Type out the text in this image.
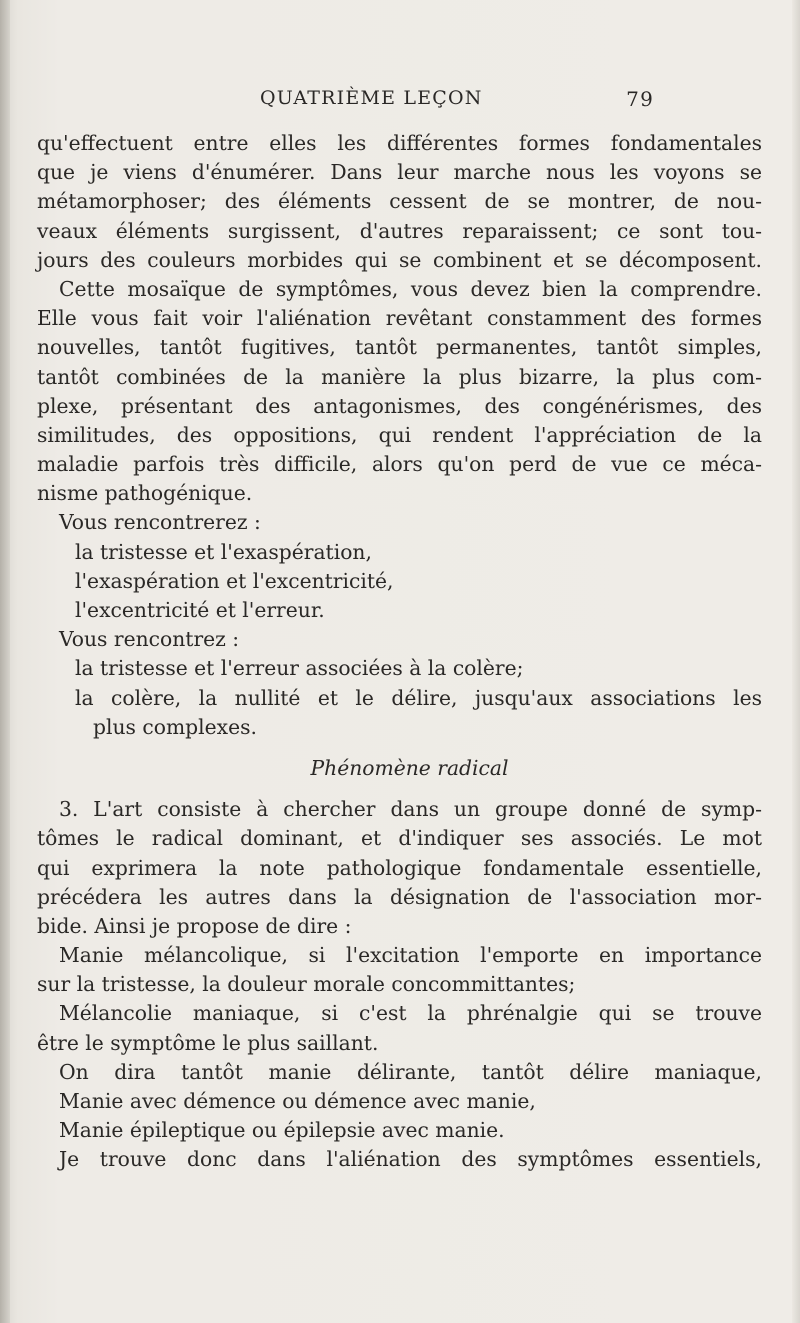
QUATRIÈME LEÇON	79
qu'effectuent entre elles les différentes formes fondamentales
que je viens d'énumérer. Dans leur marche nous les voyons se
métamorphoser; des éléments cessent de se montrer, de nou-
veaux éléments surgissent, d'autres reparaissent; ce sont tou-
jours des couleurs morbides qui se combinent et se décomposent.
Cette mosaïque de symptômes, vous devez bien la comprendre.
Elle vous fait voir l'aliénation revêtant constamment des formes
nouvelles, tantôt fugitives, tantôt permanentes, tantôt simples,
tantôt combinées de la manière la plus bizarre, la plus com-
plexe, présentant des antagonismes, des congénérismes, des
similitudes, des oppositions, qui rendent l'appréciation de la
maladie parfois très difficile, alors qu'on perd de vue ce méca-
nisme pathogénique.
Vous rencontrerez :
la tristesse et l'exaspération,
l'exaspération et l'excentricité,
l'excentricité et l'erreur.
Vous rencontrez :
la tristesse et l'erreur associées à la colère;
la colère, la nullité et le délire, jusqu'aux associations les
plus complexes.
Phénomène radical
3. L'art consiste à chercher dans un groupe donné de symp-
tômes le radical dominant, et d'indiquer ses associés. Le mot
qui exprimera la note pathologique fondamentale essentielle,
précédera les autres dans la désignation de l'association mor-
bide. Ainsi je propose de dire :
Manie mélancolique, si l'excitation l'emporte en importance
sur la tristesse, la douleur morale concommittantes;
Mélancolie maniaque, si c'est la phrénalgie qui se trouve
être le symptôme le plus saillant.
On dira tantôt manie délirante, tantôt délire maniaque,
Manie avec démence ou démence avec manie,
Manie épileptique ou épilepsie avec manie.
Je trouve donc dans l'aliénation des symptômes essentiels,
